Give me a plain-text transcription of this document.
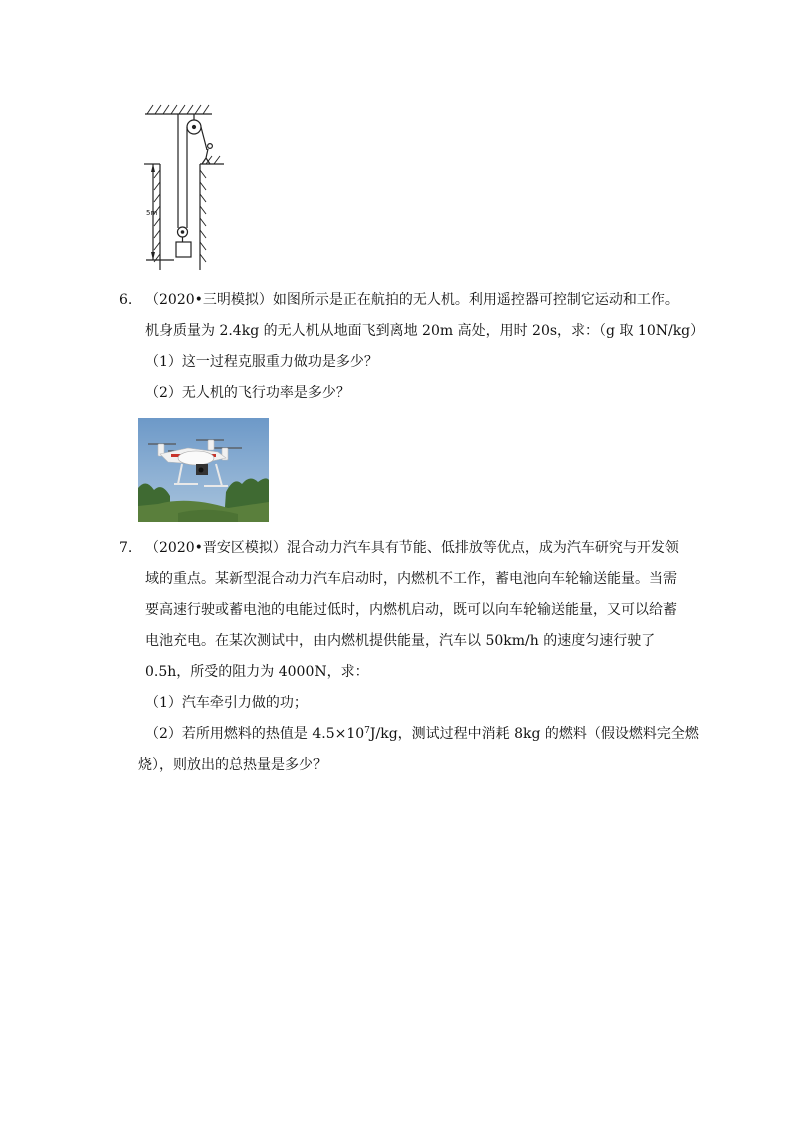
5m
6. （2020•三明模拟）如图所示是正在航拍的无人机。利用遥控器可控制它运动和工作。
机身质量为 2.4kg 的无人机从地面飞到离地 20m 高处，用时 20s，求：（g 取 10N/kg）
（1）这一过程克服重力做功是多少？
（2）无人机的飞行功率是多少？
7. （2020•晋安区模拟）混合动力汽车具有节能、低排放等优点，成为汽车研究与开发领
域的重点。某新型混合动力汽车启动时，内燃机不工作，蓄电池向车轮输送能量。当需
要高速行驶或蓄电池的电能过低时，内燃机启动，既可以向车轮输送能量，又可以给蓄
电池充电。在某次测试中，由内燃机提供能量，汽车以 50km/h 的速度匀速行驶了
0.5h，所受的阻力为 4000N，求：
（1）汽车牵引力做的功；
（2）若所用燃料的热值是 $4.5\times 10^7J/kg$，测试过程中消耗 8kg 的燃料（假设燃料完全燃
烧），则放出的总热量是多少？
